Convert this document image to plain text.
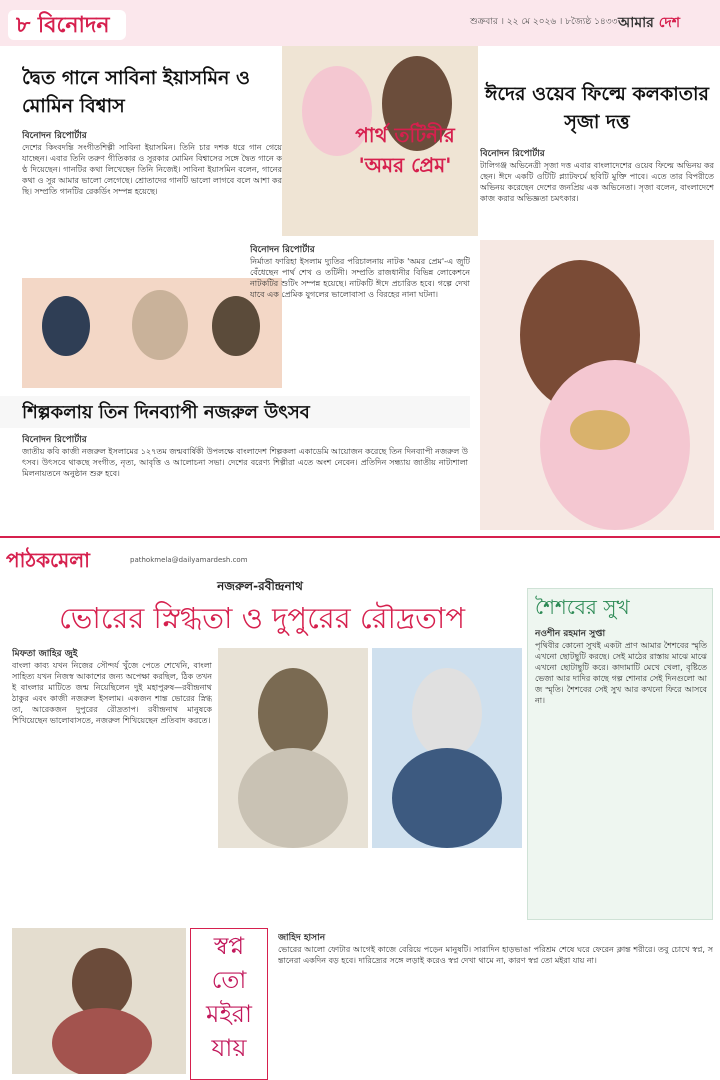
৮ বিনোদন	শুক্রবার । ২২ মে ২০২৬ । ৮জ্যৈষ্ঠ ১৪৩৩ আমার দেশ
দ্বৈত গানে সাবিনা ইয়াসমিন ও মোমিন বিশ্বাস
বিনোদন রিপোর্টার
দেশের কিংবদন্তি সংগীতশিল্পী সাবিনা ইয়াসমিন। তিনি চার দশক ধরে গান গেয়ে যাচ্ছেন। এবার তিনি তরুণ গীতিকার ও সুরকার মোমিন বিশ্বাসের সঙ্গে দ্বৈত গানে কণ্ঠ দিয়েছেন। গানটির কথা লিখেছেন তিনি নিজেই। সাবিনা ইয়াসমিন বলেন, গানের কথা ও সুর আমার ভালো লেগেছে। শ্রোতাদের গানটি ভালো লাগবে বলে আশা করছি। সম্প্রতি গানটির রেকর্ডিং সম্পন্ন হয়েছে।
পার্থ তটিনীর 'অমর প্রেম'
বিনোদন রিপোর্টার
নির্মাতা ফারিহা ইসলাম দ্যুতির পরিচালনায় নাটক 'অমর প্রেম'-এ জুটি বেঁধেছেন পার্থ শেখ ও তটিনী। সম্প্রতি রাজধানীর বিভিন্ন লোকেশনে নাটকটির শুটিং সম্পন্ন হয়েছে। নাটকটি ঈদে প্রচারিত হবে। গল্পে দেখা যাবে এক প্রেমিক যুগলের ভালোবাসা ও বিরহের নানা ঘটনা।
ঈদের ওয়েব ফিল্মে কলকাতার সৃজা দত্ত
বিনোদন রিপোর্টার
টালিগঞ্জ অভিনেত্রী সৃজা দত্ত এবার বাংলাদেশের ওয়েব ফিল্মে অভিনয় করছেন। ঈদে একটি ওটিটি প্ল্যাটফর্মে ছবিটি মুক্তি পাবে। এতে তার বিপরীতে অভিনয় করেছেন দেশের জনপ্রিয় এক অভিনেতা। সৃজা বলেন, বাংলাদেশে কাজ করার অভিজ্ঞতা চমৎকার।
শিল্পকলায় তিন দিনব্যাপী নজরুল উৎসব
বিনোদন রিপোর্টার
জাতীয় কবি কাজী নজরুল ইসলামের ১২৭তম জন্মবার্ষিকী উপলক্ষে বাংলাদেশ শিল্পকলা একাডেমি আয়োজন করেছে তিন দিনব্যাপী নজরুল উৎসব। উৎসবে থাকছে সংগীত, নৃত্য, আবৃত্তি ও আলোচনা সভা। দেশের বরেণ্য শিল্পীরা এতে অংশ নেবেন। প্রতিদিন সন্ধ্যায় জাতীয় নাট্যশালা মিলনায়তনে অনুষ্ঠান শুরু হবে।
পাঠকমেলা	pathokmela@dailyamardesh.com
নজরুল-রবীন্দ্রনাথ
ভোরের স্নিগ্ধতা ও দুপুরের রৌদ্রতাপ
মিফতা জাহির জুই
বাংলা কাব্য যখন নিজের সৌন্দর্য খুঁজে পেতে শেখেনি, বাংলা সাহিত্য যখন নিজস্ব আকাশের জন্য অপেক্ষা করছিল, ঠিক তখনই বাংলার মাটিতে জন্ম নিয়েছিলেন দুই মহাপুরুষ—রবীন্দ্রনাথ ঠাকুর এবং কাজী নজরুল ইসলাম। একজন শান্ত ভোরের স্নিগ্ধতা, আরেকজন দুপুরের রৌদ্রতাপ। রবীন্দ্রনাথ মানুষকে শিখিয়েছেন ভালোবাসতে, নজরুল শিখিয়েছেন প্রতিবাদ করতে।
শৈশবের সুখ
নওশীন রহমান সুপ্তা
পৃথিবীর কোনো সুখই একটা প্রাণ আমার শৈশবের স্মৃতি এখনো ছোটছুটি করছে। সেই মাঠের রাস্তায় মাঝে মাঝে এখনো ছোটাছুটি করে। কাদামাটি মেখে খেলা, বৃষ্টিতে ভেজা আর দাদির কাছে গল্প শোনার সেই দিনগুলো আজ স্মৃতি। শৈশবের সেই সুখ আর কখনো ফিরে আসবে না।
স্বপ্ন
তো
মইরা
যায়
জাহিদ হাসান
ভোরের আলো ফোটার আগেই কাজে বেরিয়ে পড়েন মানুষটি। সারাদিন হাড়ভাঙা পরিশ্রম শেষে ঘরে ফেরেন ক্লান্ত শরীরে। তবু চোখে স্বপ্ন, সন্তানেরা একদিন বড় হবে। দারিদ্র্যের সঙ্গে লড়াই করেও স্বপ্ন দেখা থামে না, কারণ স্বপ্ন তো মইরা যায় না।
